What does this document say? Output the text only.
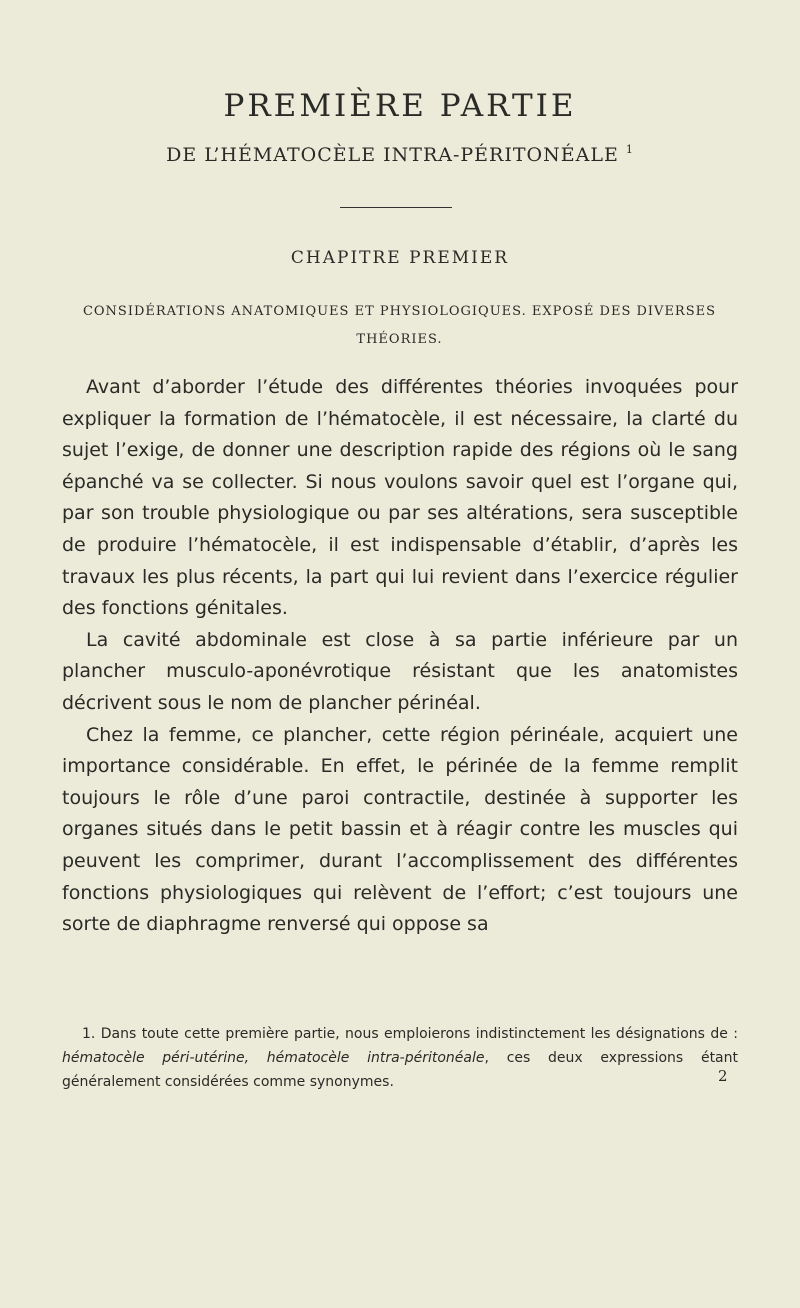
PREMIÈRE PARTIE
DE L’HÉMATOCÈLE INTRA-PÉRITONÉALE $^1$
CHAPITRE PREMIER
CONSIDÉRATIONS ANATOMIQUES ET PHYSIOLOGIQUES. EXPOSÉ DES DIVERSES THÉORIES.

Avant d’aborder l’étude des différentes théories invoquées pour expliquer la formation de l’hématocèle, il est nécessaire, la clarté du sujet l’exige, de donner une description rapide des régions où le sang épanché va se collecter. Si nous voulons savoir quel est l’organe qui, par son trouble physiologique ou par ses altérations, sera susceptible de produire l’hématocèle, il est indispensable d’établir, d’après les travaux les plus récents, la part qui lui revient dans l’exercice régulier des fonctions génitales.

La cavité abdominale est close à sa partie inférieure par un plancher musculo-aponévrotique résistant que les anatomistes décrivent sous le nom de plancher périnéal.

Chez la femme, ce plancher, cette région périnéale, acquiert une importance considérable. En effet, le périnée de la femme remplit toujours le rôle d’une paroi contractile, destinée à supporter les organes situés dans le petit bassin et à réagir contre les muscles qui peuvent les comprimer, durant l’accomplissement des différentes fonctions physiologiques qui relèvent de l’effort; c’est toujours une sorte de diaphragme renversé qui oppose sa

1. Dans toute cette première partie, nous emploierons indistinctement les désignations de : hématocèle péri-utérine, hématocèle intra-péritonéale, ces deux expressions étant généralement considérées comme synonymes.	2
